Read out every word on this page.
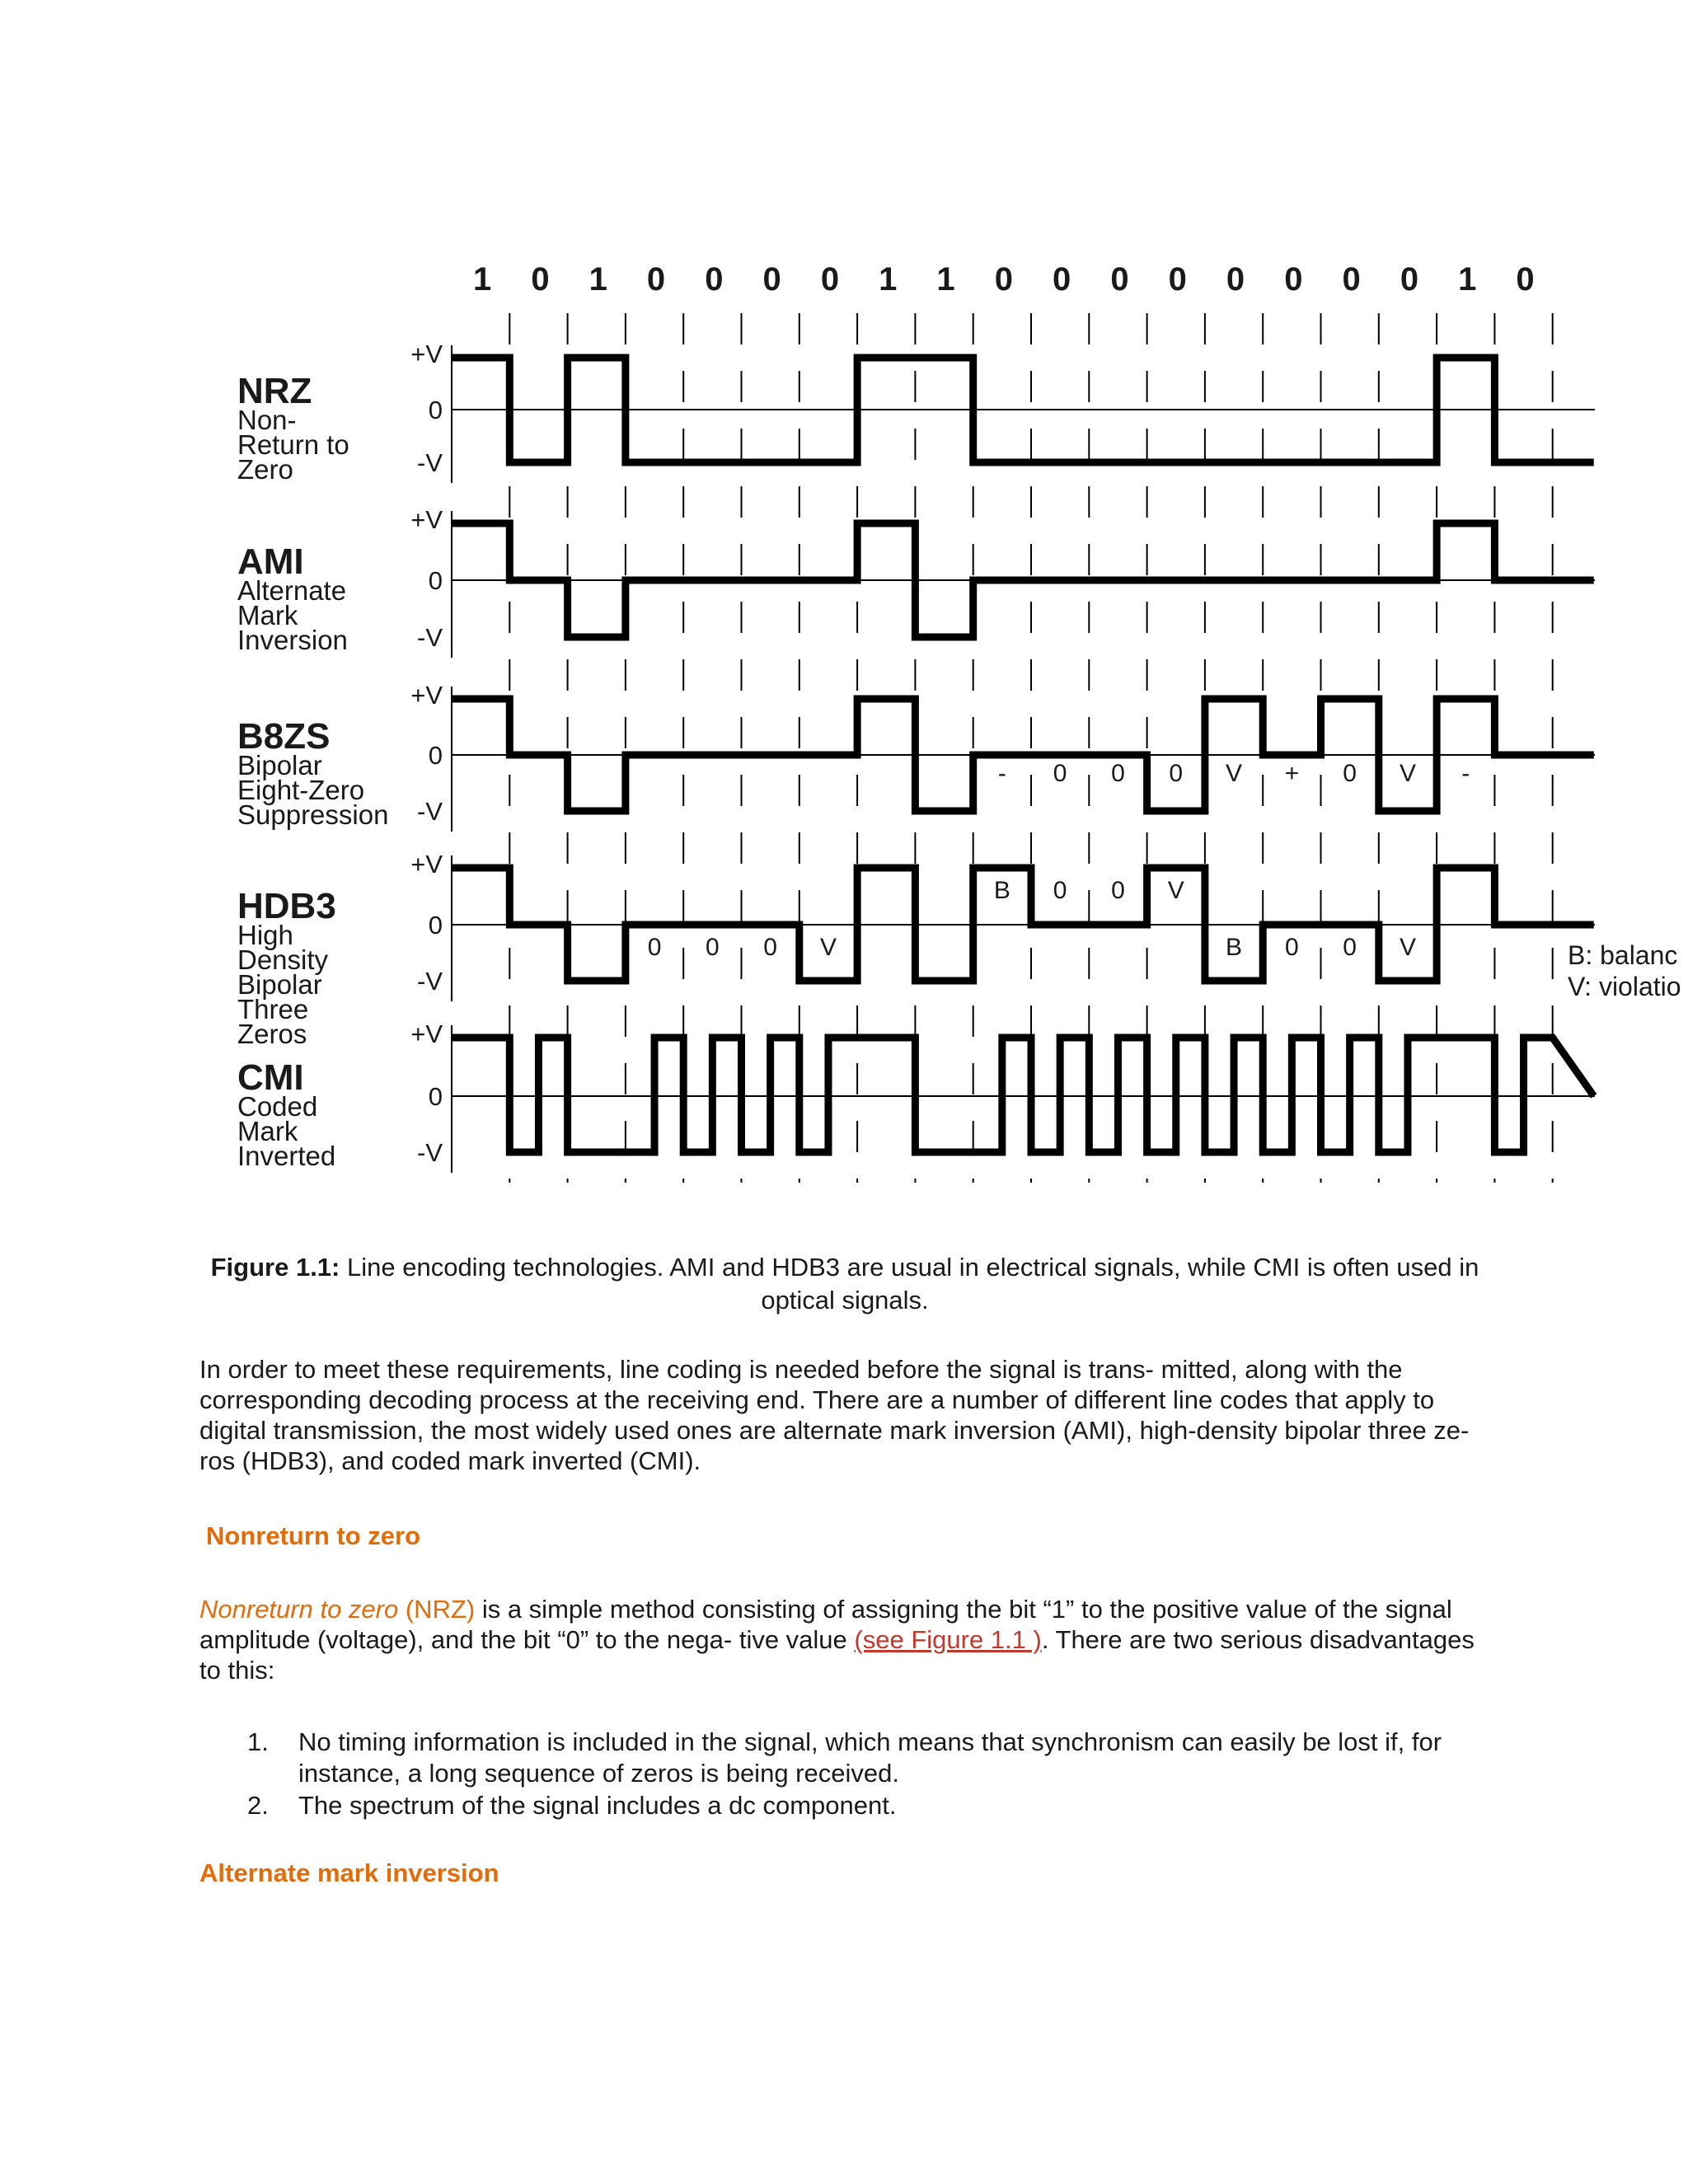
1 0 1 0 0 0 0 1 1 0 0 0 0 0 0 0 0 1 0
+V
0
-V
NRZ
Non-
Return to
Zero
+V
0
-V
AMI
Alternate
Mark
Inversion
+V
0
-V
B8ZS
Bipolar
Eight-Zero
Suppression
+V
0
-V
HDB3
High
Density
Bipolar
Three
Zeros	+V
0
-V
CMI
Coded
Mark
Inverted
- 0 0 0 V + 0 V -
0 0 0 V
B 0 0 V
B 0 0 V	B: balanc
V: violatio
Figure 1.1: Line encoding technologies. AMI and HDB3 are usual in electrical signals, while CMI is often used in optical signals.

In order to meet these requirements, line coding is needed before the signal is trans- mitted, along with the corresponding decoding process at the receiving end. There are a number of different line codes that apply to digital transmission, the most widely used ones are alternate mark inversion (AMI), high-density bipolar three ze- ros (HDB3), and coded mark inverted (CMI).

Nonreturn to zero

Nonreturn to zero (NRZ) is a simple method consisting of assigning the bit “1” to the positive value of the signal amplitude (voltage), and the bit “0” to the nega- tive value (see Figure 1.1 ). There are two serious disadvantages to this:

1. No timing information is included in the signal, which means that synchronism can easily be lost if, for instance, a long sequence of zeros is being received.
2. The spectrum of the signal includes a dc component.
Alternate mark inversion
